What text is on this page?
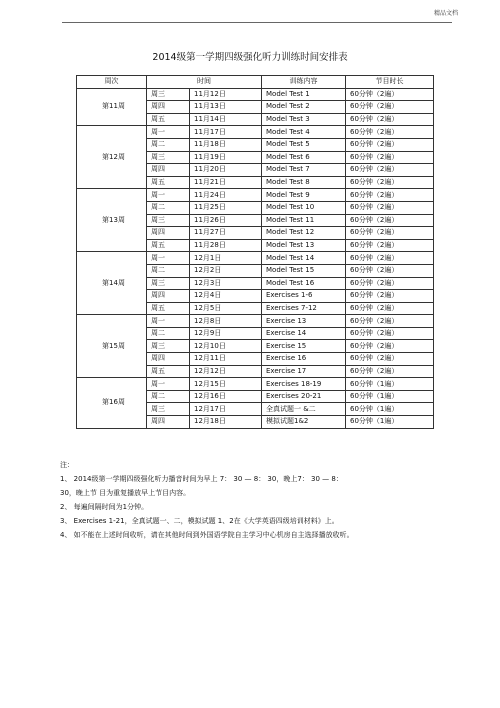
精品文档
2014级第一学期四级强化听力训练时间安排表
周次	时间		训练内容	节目时长
第11周	周三	11月12日	Model Test 1	60分钟（2遍）
	周四	11月13日	Model Test 2	60分钟（2遍）
	周五	11月14日	Model Test 3	60分钟（2遍）
第12周	周一	11月17日	Model Test 4	60分钟（2遍）
	周二	11月18日	Model Test 5	60分钟（2遍）
	周三	11月19日	Model Test 6	60分钟（2遍）
	周四	11月20日	Model Test 7	60分钟（2遍）
	周五	11月21日	Model Test 8	60分钟（2遍）
第13周	周一	11月24日	Model Test 9	60分钟（2遍）
	周二	11月25日	Model Test 10	60分钟（2遍）
	周三	11月26日	Model Test 11	60分钟（2遍）
	周四	11月27日	Model Test 12	60分钟（2遍）
	周五	11月28日	Model Test 13	60分钟（2遍）
第14周	周一	12月1日	Model Test 14	60分钟（2遍）
	周二	12月2日	Model Test 15	60分钟（2遍）
	周三	12月3日	Model Test 16	60分钟（2遍）
	周四	12月4日	Exercises 1-6	60分钟（2遍）
	周五	12月5日	Exercises 7-12	60分钟（2遍）
第15周	周一	12月8日	Exercise 13	60分钟（2遍）
	周二	12月9日	Exercise 14	60分钟（2遍）
	周三	12月10日	Exercise 15	60分钟（2遍）
	周四	12月11日	Exercise 16	60分钟（2遍）
	周五	12月12日	Exercise 17	60分钟（2遍）
第16周	周一	12月15日	Exercises 18-19	60分钟（1遍）
	周二	12月16日	Exercises 20-21	60分钟（1遍）
	周三	12月17日	全真试题一 &二	60分钟（1遍）
	周四	12月18日	模拟试题1&2	60分钟（1遍）
注：
1、 2014级第一学期四级强化听力播音时间为早上 7： 30 — 8： 30，晚上7： 30 — 8：
30，晚上节 目为重复播放早上节目内容。
2、 每遍间隔时间为1分钟。
3、 Exercises 1-21，全真试题一、二，模拟试题 1、2在《大学英语四级培训材料》上。
4、 如不能在上述时间收听，请在其他时间到外国语学院自主学习中心机房自主选择播放收听。
